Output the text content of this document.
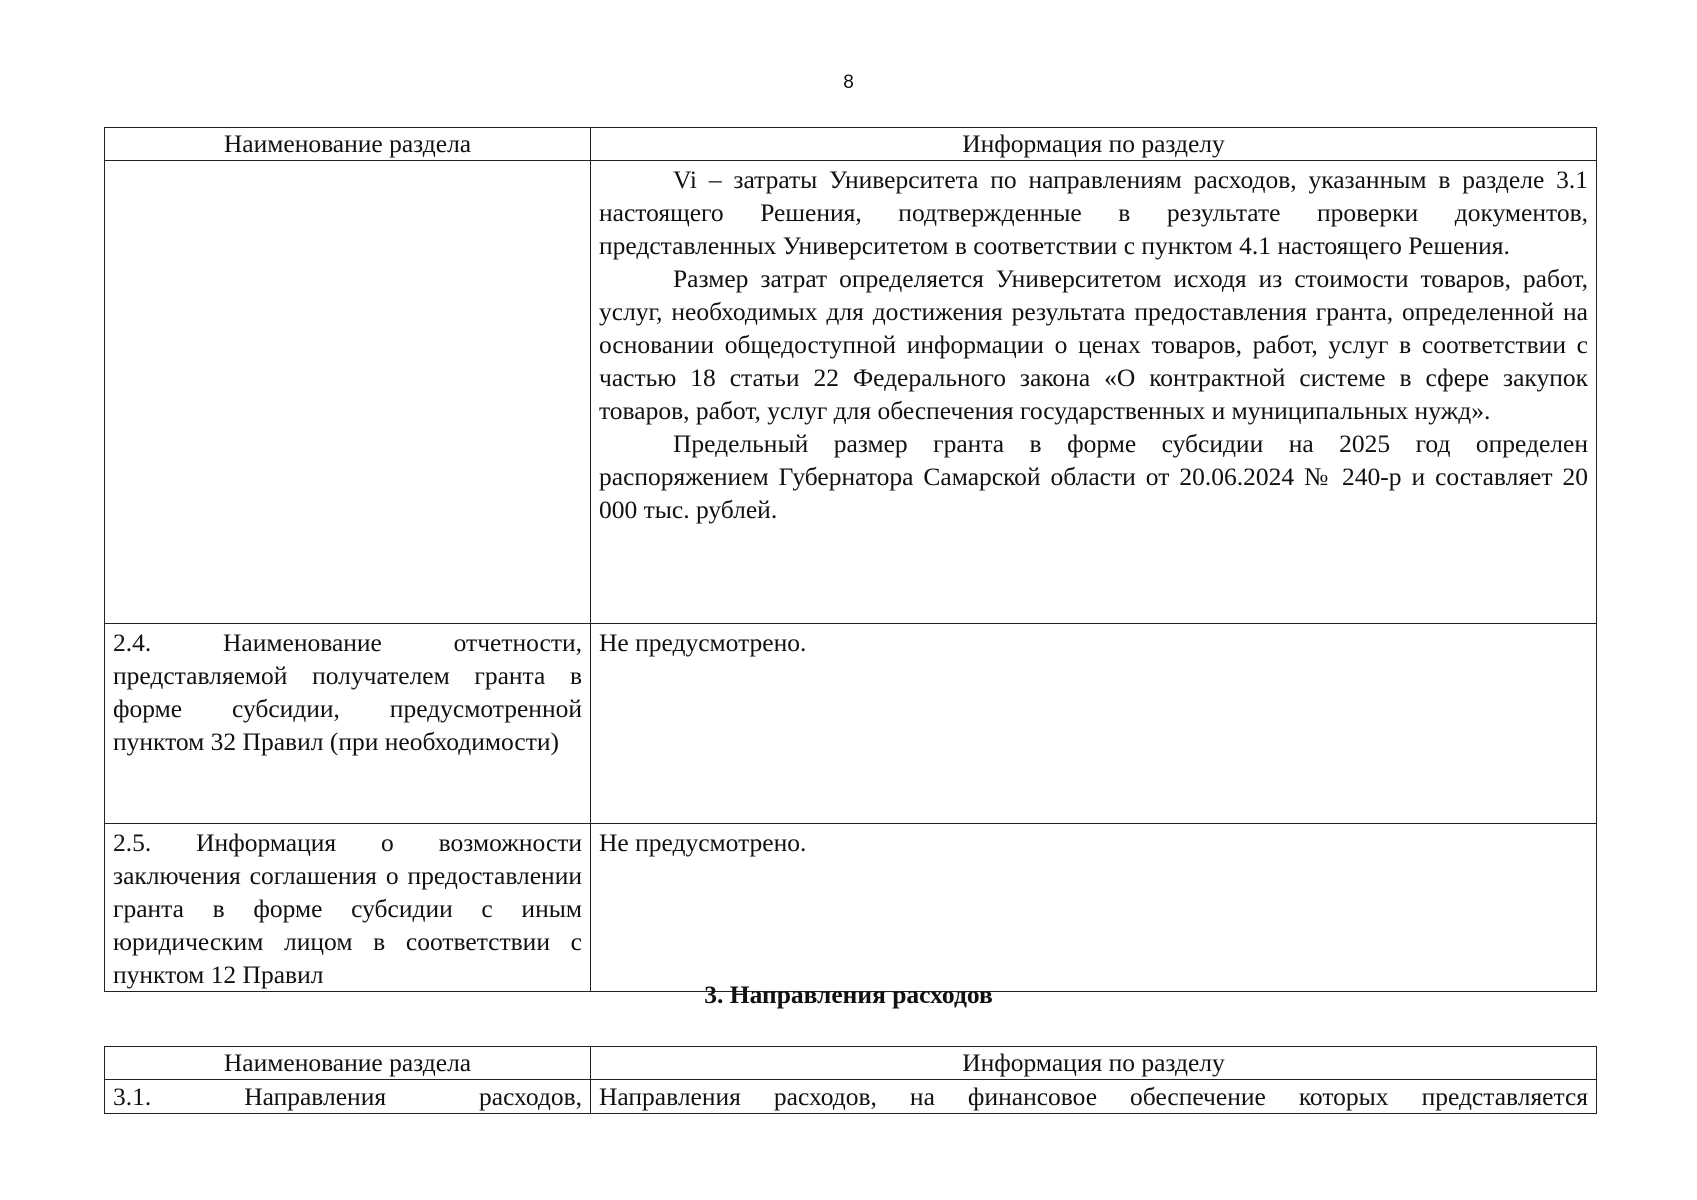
8
Наименование раздела	Информация по разделу

	Vi – затраты Университета по направлениям расходов, указанным в разделе 3.1 настоящего Решения, подтвержденные в результате проверки документов, представленных Университетом в соответствии с пунктом 4.1 настоящего Решения.

Размер затрат определяется Университетом исходя из стоимости товаров, работ, услуг, необходимых для достижения результата предоставления гранта, определенной на основании общедоступной информации о ценах товаров, работ, услуг в соответствии с частью 18 статьи 22 Федерального закона «О контрактной системе в сфере закупок товаров, работ, услуг для обеспечения государственных и муниципальных нужд».

Предельный размер гранта в форме субсидии на 2025 год определен распоряжением Губернатора Самарской области от 20.06.2024 № 240-р и составляет 20 000 тыс. рублей.

2.4. Наименование отчетности, представляемой получателем гранта в форме субсидии, предусмотренной пунктом 32 Правил (при необходимости)	Не предусмотрено.
2.5. Информация о возможности заключения соглашения о предоставлении гранта в форме субсидии с иным юридическим лицом в соответствии с пунктом 12 Правил	Не предусмотрено.
3. Направления расходов
Наименование раздела	Информация по разделу
3.1. Направления расходов,	Направления расходов, на финансовое обеспечение которых представляется
